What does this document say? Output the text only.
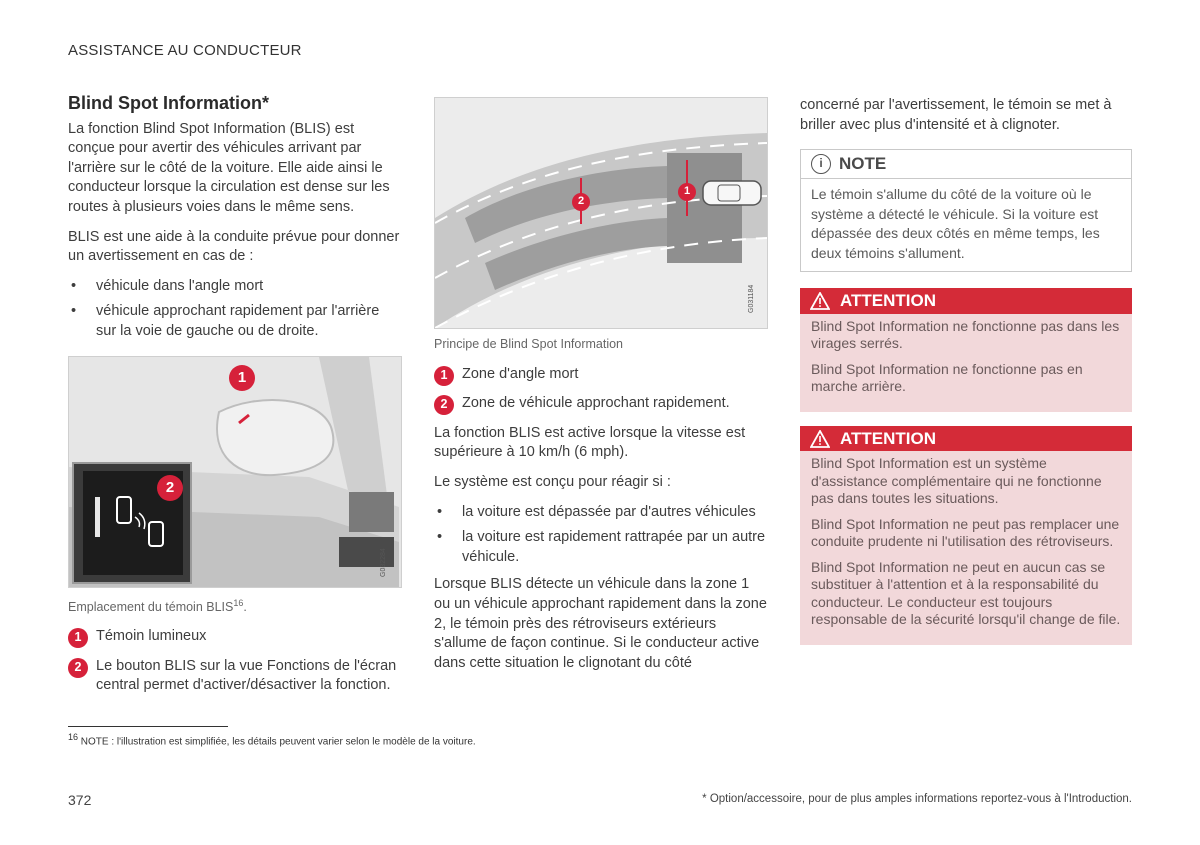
ASSISTANCE AU CONDUCTEUR
Blind Spot Information*

La fonction Blind Spot Information (BLIS) est conçue pour avertir des véhicules arrivant par l'arrière sur le côté de la voiture. Elle aide ainsi le conducteur lorsque la circulation est dense sur les routes à plusieurs voies dans le même sens.

BLIS est une aide à la conduite prévue pour donner un avertissement en cas de :

• véhicule dans l'angle mort
• véhicule approchant rapidement par l'arrière sur la voie de gauche ou de droite.
G032284
1
2
Emplacement du témoin BLIS$^{16}$.
1	Témoin lumineux
2	Le bouton BLIS sur la vue Fonctions de l'écran central permet d'activer/désactiver la fonction.
G031184
1
2
Principe de Blind Spot Information
1	Zone d'angle mort
2	Zone de véhicule approchant rapidement.

La fonction BLIS est active lorsque la vitesse est supérieure à 10 km/h (6 mph).

Le système est conçu pour réagir si :

• la voiture est dépassée par d'autres véhicules
• la voiture est rapidement rattrapée par un autre véhicule.

Lorsque BLIS détecte un véhicule dans la zone 1 ou un véhicule approchant rapidement dans la zone 2, le témoin près des rétroviseurs extérieurs s'allume de façon continue. Si le conducteur active dans cette situation le clignotant du côté

concerné par l'avertissement, le témoin se met à briller avec plus d'intensité et à clignoter.

i NOTE
Le témoin s'allume du côté de la voiture où le système a détecté le véhicule. Si la voiture est dépassée des deux côtés en même temps, les deux témoins s'allument.
ATTENTION

Blind Spot Information ne fonctionne pas dans les virages serrés.

Blind Spot Information ne fonctionne pas en marche arrière.

ATTENTION

Blind Spot Information est un système d'assistance complémentaire qui ne fonctionne pas dans toutes les situations.

Blind Spot Information ne peut pas remplacer une conduite prudente ni l'utilisation des rétroviseurs.

Blind Spot Information ne peut en aucun cas se substituer à l'attention et à la responsabilité du conducteur. Le conducteur est toujours responsable de la sécurité lorsqu'il change de file.

$^{16}$ NOTE : l'illustration est simplifiée, les détails peuvent varier selon le modèle de la voiture.
372	* Option/accessoire, pour de plus amples informations reportez-vous à l'Introduction.
